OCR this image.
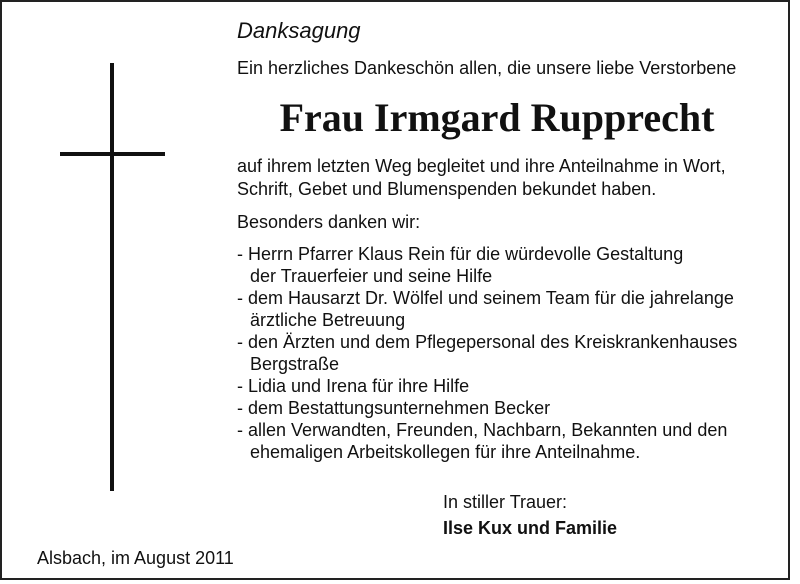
Danksagung

Ein herzliches Dankeschön allen, die unsere liebe Verstorbene

Frau Irmgard Rupprecht
auf ihrem letzten Weg begleitet und ihre Anteilnahme in Wort,
Schrift, Gebet und Blumenspenden bekundet haben.

Besonders danken wir:

- Herrn Pfarrer Klaus Rein für die würdevolle Gestaltung
der Trauerfeier und seine Hilfe
- dem Hausarzt Dr. Wölfel und seinem Team für die jahrelange
ärztliche Betreuung
- den Ärzten und dem Pflegepersonal des Kreiskrankenhauses
Bergstraße
- Lidia und Irena für ihre Hilfe
- dem Bestattungsunternehmen Becker
- allen Verwandten, Freunden, Nachbarn, Bekannten und den
ehemaligen Arbeitskollegen für ihre Anteilnahme.

In stiller Trauer:

Ilse Kux und Familie

Alsbach, im August 2011
